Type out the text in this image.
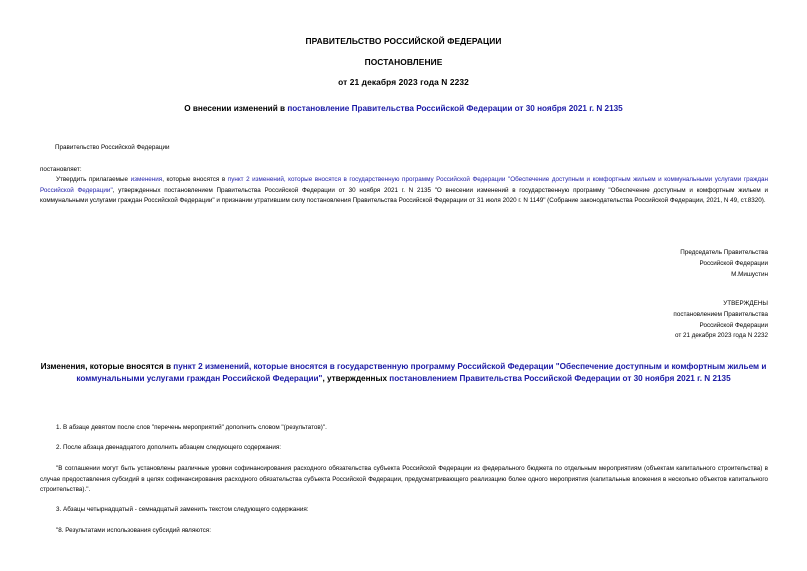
ПРАВИТЕЛЬСТВО РОССИЙСКОЙ ФЕДЕРАЦИИ
ПОСТАНОВЛЕНИЕ
от 21 декабря 2023 года N 2232
О внесении изменений в постановление Правительства Российской Федерации от 30 ноября 2021 г. N 2135
Правительство Российской Федерации
постановляет:
Утвердить прилагаемые изменения, которые вносятся в пункт 2 изменений, которые вносятся в государственную программу Российской Федерации "Обеспечение доступным и комфортным жильем и коммунальными услугами граждан Российской Федерации", утвержденных постановлением Правительства Российской Федерации от 30 ноября 2021 г. N 2135 "О внесении изменений в государственную программу "Обеспечение доступным и комфортным жильем и коммунальными услугами граждан Российской Федерации" и признании утратившим силу постановления Правительства Российской Федерации от 31 июля 2020 г. N 1149" (Собрание законодательства Российской Федерации, 2021, N 49, ст.8320).
Председатель Правительства
Российской Федерации
М.Мишустин
УТВЕРЖДЕНЫ
постановлением Правительства
Российской Федерации
от 21 декабря 2023 года N 2232
Изменения, которые вносятся в пункт 2 изменений, которые вносятся в государственную программу Российской Федерации "Обеспечение доступным и комфортным жильем и коммунальными услугами граждан Российской Федерации", утвержденных постановлением Правительства Российской Федерации от 30 ноября 2021 г. N 2135
1. В абзаце девятом после слов "перечень мероприятий" дополнить словом "(результатов)".
2. После абзаца двенадцатого дополнить абзацем следующего содержания:
"В соглашении могут быть установлены различные уровни софинансирования расходного обязательства субъекта Российской Федерации из федерального бюджета по отдельным мероприятиям (объектам капитального строительства) в случае предоставления субсидий в целях софинансирования расходного обязательства субъекта Российской Федерации, предусматривающего реализацию более одного мероприятия (капитальные вложения в несколько объектов капитального строительства).".
3. Абзацы четырнадцатый - семнадцатый заменить текстом следующего содержания:
"8. Результатами использования субсидий являются:
